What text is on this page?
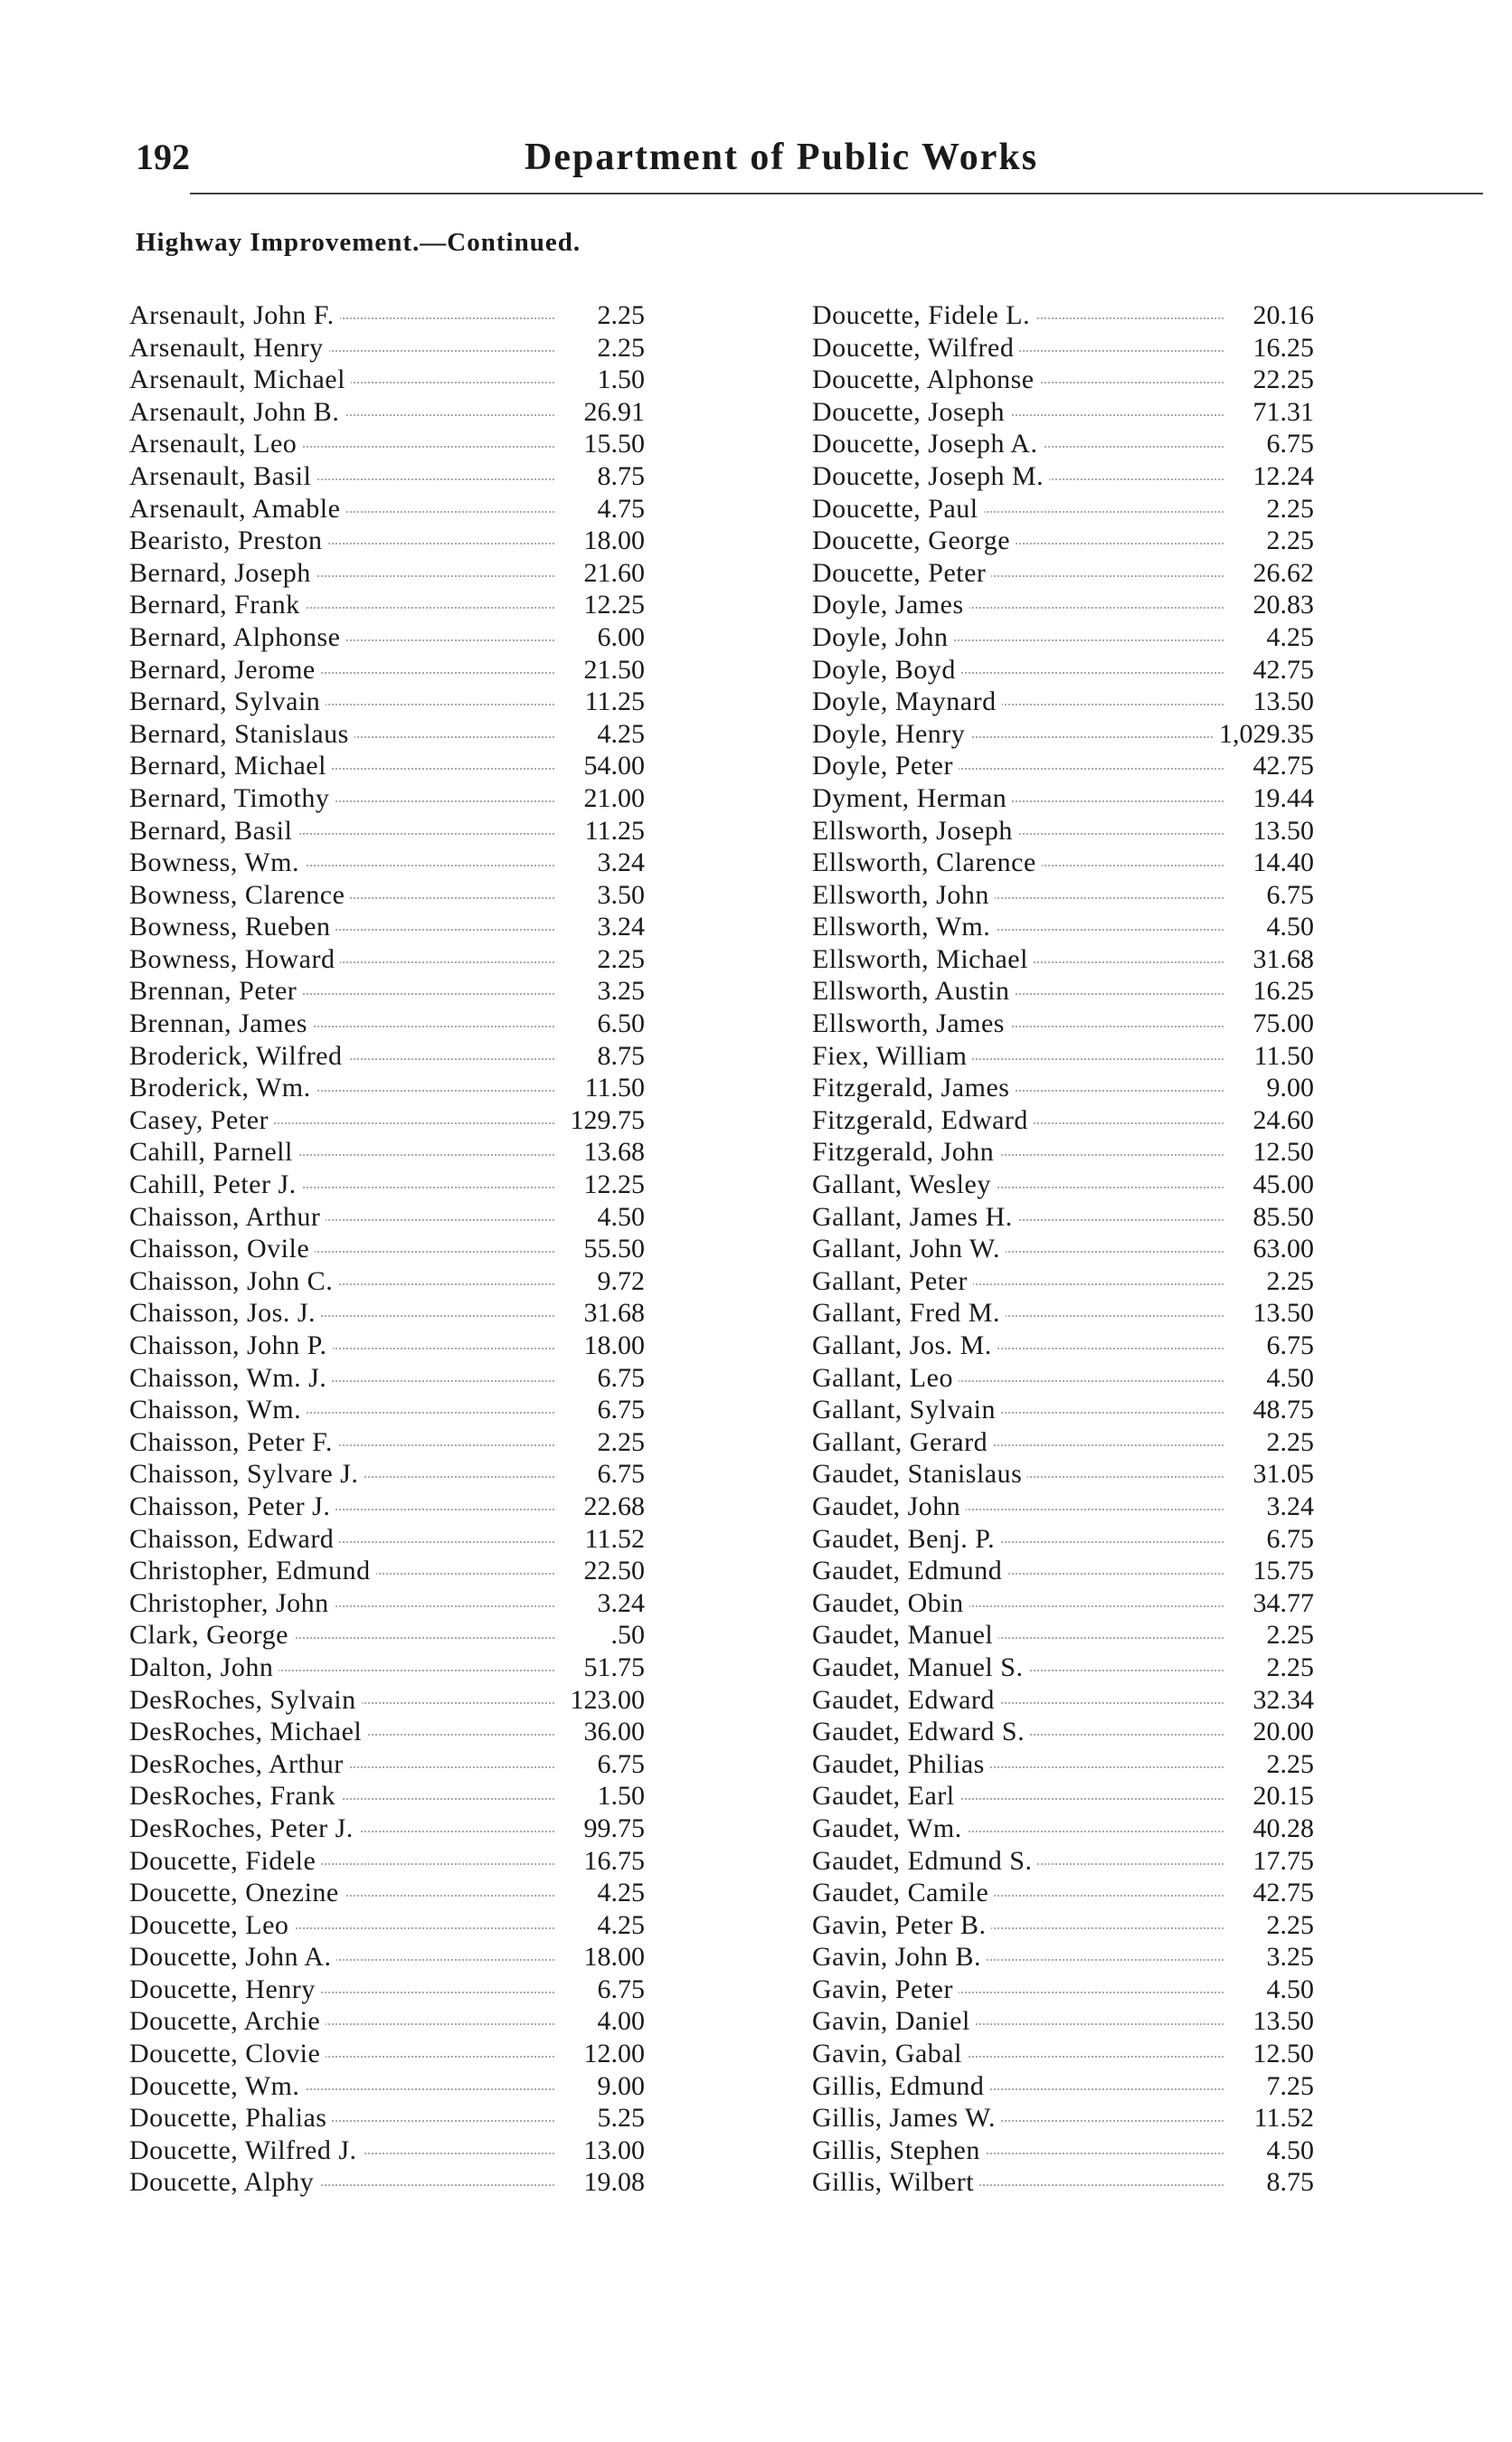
192	Department of Public Works
Highway Improvement.—Continued.
Arsenault, John F.	2.25
Arsenault, Henry	2.25
Arsenault, Michael	1.50
Arsenault, John B.	26.91
Arsenault, Leo	15.50
Arsenault, Basil	8.75
Arsenault, Amable	4.75
Bearisto, Preston	18.00
Bernard, Joseph	21.60
Bernard, Frank	12.25
Bernard, Alphonse	6.00
Bernard, Jerome	21.50
Bernard, Sylvain	11.25
Bernard, Stanislaus	4.25
Bernard, Michael	54.00
Bernard, Timothy	21.00
Bernard, Basil	11.25
Bowness, Wm.	3.24
Bowness, Clarence	3.50
Bowness, Rueben	3.24
Bowness, Howard	2.25
Brennan, Peter	3.25
Brennan, James	6.50
Broderick, Wilfred	8.75
Broderick, Wm.	11.50
Casey, Peter	129.75
Cahill, Parnell	13.68
Cahill, Peter J.	12.25
Chaisson, Arthur	4.50
Chaisson, Ovile	55.50
Chaisson, John C.	9.72
Chaisson, Jos. J.	31.68
Chaisson, John P.	18.00
Chaisson, Wm. J.	6.75
Chaisson, Wm.	6.75
Chaisson, Peter F.	2.25
Chaisson, Sylvare J.	6.75
Chaisson, Peter J.	22.68
Chaisson, Edward	11.52
Christopher, Edmund	22.50
Christopher, John	3.24
Clark, George	.50
Dalton, John	51.75
DesRoches, Sylvain	123.00
DesRoches, Michael	36.00
DesRoches, Arthur	6.75
DesRoches, Frank	1.50
DesRoches, Peter J.	99.75
Doucette, Fidele	16.75
Doucette, Onezine	4.25
Doucette, Leo	4.25
Doucette, John A.	18.00
Doucette, Henry	6.75
Doucette, Archie	4.00
Doucette, Clovie	12.00
Doucette, Wm.	9.00
Doucette, Phalias	5.25
Doucette, Wilfred J.	13.00
Doucette, Alphy	19.08
Doucette, Fidele L.	20.16
Doucette, Wilfred	16.25
Doucette, Alphonse	22.25
Doucette, Joseph	71.31
Doucette, Joseph A.	6.75
Doucette, Joseph M.	12.24
Doucette, Paul	2.25
Doucette, George	2.25
Doucette, Peter	26.62
Doyle, James	20.83
Doyle, John	4.25
Doyle, Boyd	42.75
Doyle, Maynard	13.50
Doyle, Henry	1,029.35
Doyle, Peter	42.75
Dyment, Herman	19.44
Ellsworth, Joseph	13.50
Ellsworth, Clarence	14.40
Ellsworth, John	6.75
Ellsworth, Wm.	4.50
Ellsworth, Michael	31.68
Ellsworth, Austin	16.25
Ellsworth, James	75.00
Fiex, William	11.50
Fitzgerald, James	9.00
Fitzgerald, Edward	24.60
Fitzgerald, John	12.50
Gallant, Wesley	45.00
Gallant, James H.	85.50
Gallant, John W.	63.00
Gallant, Peter	2.25
Gallant, Fred M.	13.50
Gallant, Jos. M.	6.75
Gallant, Leo	4.50
Gallant, Sylvain	48.75
Gallant, Gerard	2.25
Gaudet, Stanislaus	31.05
Gaudet, John	3.24
Gaudet, Benj. P.	6.75
Gaudet, Edmund	15.75
Gaudet, Obin	34.77
Gaudet, Manuel	2.25
Gaudet, Manuel S.	2.25
Gaudet, Edward	32.34
Gaudet, Edward S.	20.00
Gaudet, Philias	2.25
Gaudet, Earl	20.15
Gaudet, Wm.	40.28
Gaudet, Edmund S.	17.75
Gaudet, Camile	42.75
Gavin, Peter B.	2.25
Gavin, John B.	3.25
Gavin, Peter	4.50
Gavin, Daniel	13.50
Gavin, Gabal	12.50
Gillis, Edmund	7.25
Gillis, James W.	11.52
Gillis, Stephen	4.50
Gillis, Wilbert	8.75
